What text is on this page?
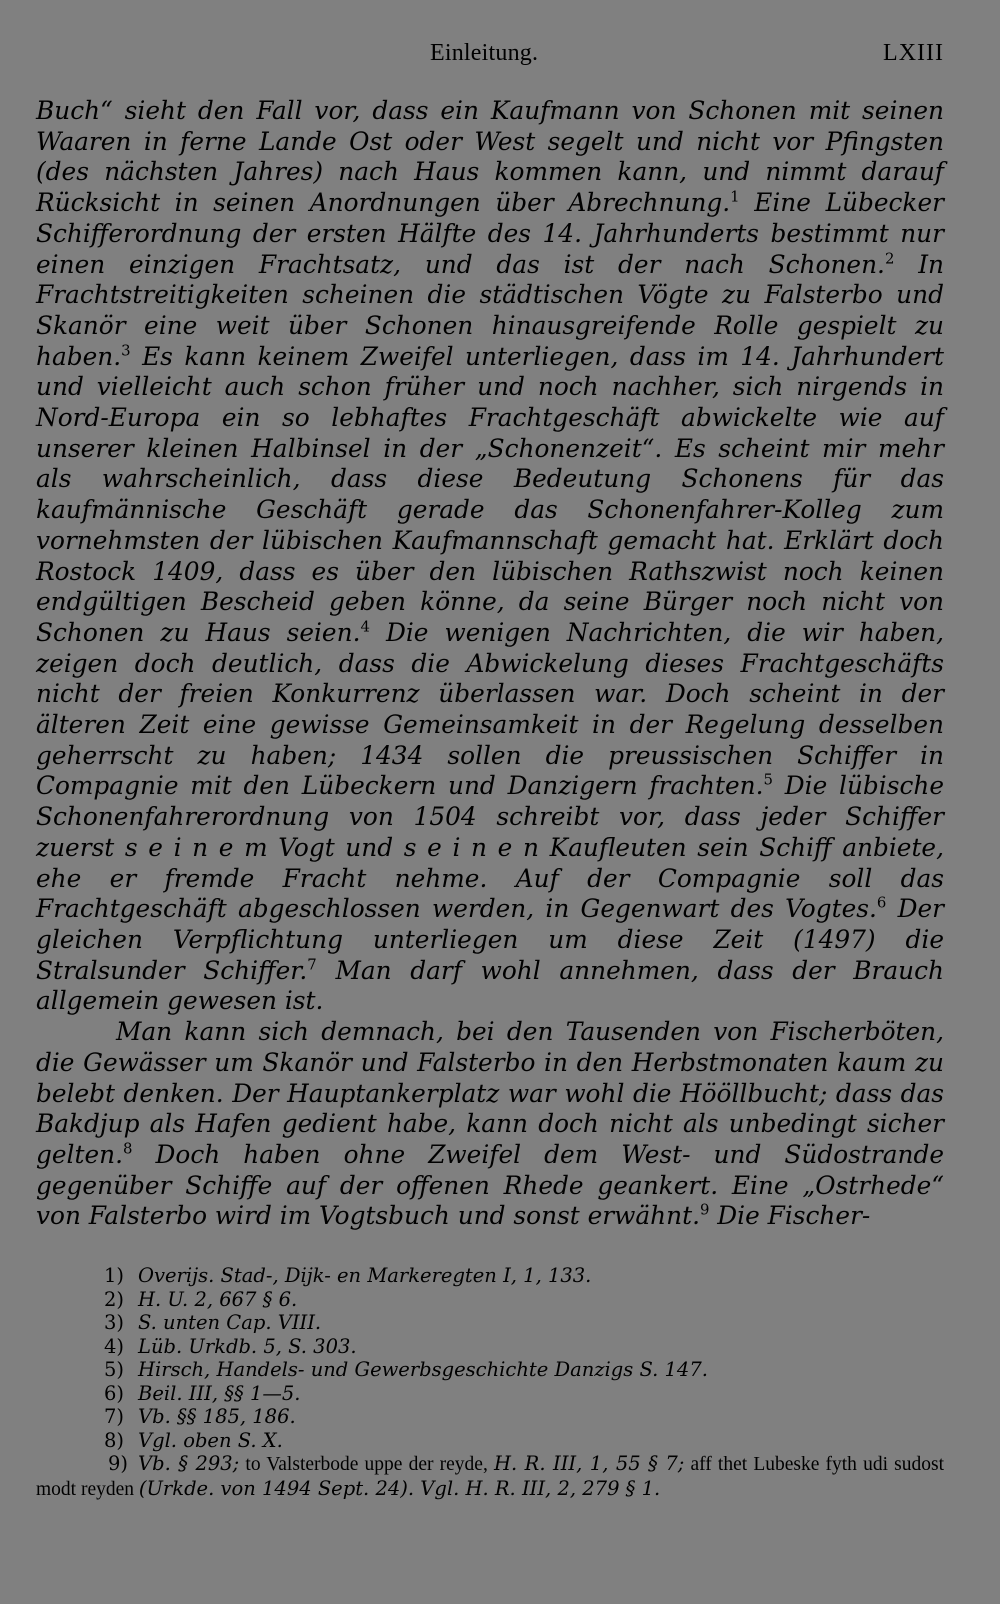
Einleitung.	LXIII

Buch“ sieht den Fall vor, dass ein Kaufmann von Schonen mit seinen Waaren in ferne Lande Ost oder West segelt und nicht vor Pfingsten (des nächsten Jahres) nach Haus kommen kann, und nimmt darauf Rücksicht in seinen Anordnungen über Abrechnung.$^1$ Eine Lübecker Schifferordnung der ersten Hälfte des 14. Jahrhunderts bestimmt nur einen einzigen Frachtsatz, und das ist der nach Schonen.$^2$ In Frachtstreitigkeiten scheinen die städtischen Vögte zu Falsterbo und Skanör eine weit über Schonen hinausgreifende Rolle gespielt zu haben.$^3$ Es kann keinem Zweifel unterliegen, dass im 14. Jahrhundert und vielleicht auch schon früher und noch nachher, sich nirgends in Nord-Europa ein so lebhaftes Frachtgeschäft abwickelte wie auf unserer kleinen Halbinsel in der „Schonenzeit“. Es scheint mir mehr als wahrscheinlich, dass diese Bedeutung Schonens für das kaufmännische Geschäft gerade das Schonenfahrer-Kolleg zum vornehmsten der lübischen Kaufmannschaft gemacht hat. Erklärt doch Rostock 1409, dass es über den lübischen Rathszwist noch keinen endgültigen Bescheid geben könne, da seine Bürger noch nicht von Schonen zu Haus seien.$^4$ Die wenigen Nachrichten, die wir haben, zeigen doch deutlich, dass die Abwickelung dieses Frachtgeschäfts nicht der freien Konkurrenz überlassen war. Doch scheint in der älteren Zeit eine gewisse Gemeinsamkeit in der Regelung desselben geherrscht zu haben; 1434 sollen die preussischen Schiffer in Compagnie mit den Lübeckern und Danzigern frachten.$^5$ Die lübische Schonenfahrerordnung von 1504 schreibt vor, dass jeder Schiffer zuerst s e i n e m Vogt und s e i n e n Kaufleuten sein Schiff anbiete, ehe er fremde Fracht nehme. Auf der Compagnie soll das Frachtgeschäft abgeschlossen werden, in Gegenwart des Vogtes.$^6$ Der gleichen Verpflichtung unterliegen um diese Zeit (1497) die Stralsunder Schiffer.$^7$ Man darf wohl annehmen, dass der Brauch allgemein gewesen ist.

Man kann sich demnach, bei den Tausenden von Fischerböten, die Gewässer um Skanör und Falsterbo in den Herbstmonaten kaum zu belebt denken. Der Hauptankerplatz war wohl die Hööllbucht; dass das Bakdjup als Hafen gedient habe, kann doch nicht als unbedingt sicher gelten.$^8$ Doch haben ohne Zweifel dem West- und Südostrande gegenüber Schiffe auf der offenen Rhede geankert. Eine „Ostrhede“ von Falsterbo wird im Vogtsbuch und sonst erwähnt.$^9$ Die Fischer-

1) Overijs. Stad-, Dijk- en Markeregten I, 1, 133.
2) H. U. 2, 667 § 6.
3) S. unten Cap. VIII.
4) Lüb. Urkdb. 5, S. 303.
5) Hirsch, Handels- und Gewerbsgeschichte Danzigs S. 147.
6) Beil. III, §§ 1—5.
7) Vb. §§ 185, 186.
8) Vgl. oben S. X.
9) Vb. § 293; to Valsterbode uppe der reyde, H. R. III, 1, 55 § 7; aff thet Lubeske fyth udi sudost modt reyden (Urkde. von 1494 Sept. 24). Vgl. H. R. III, 2, 279 § 1.
